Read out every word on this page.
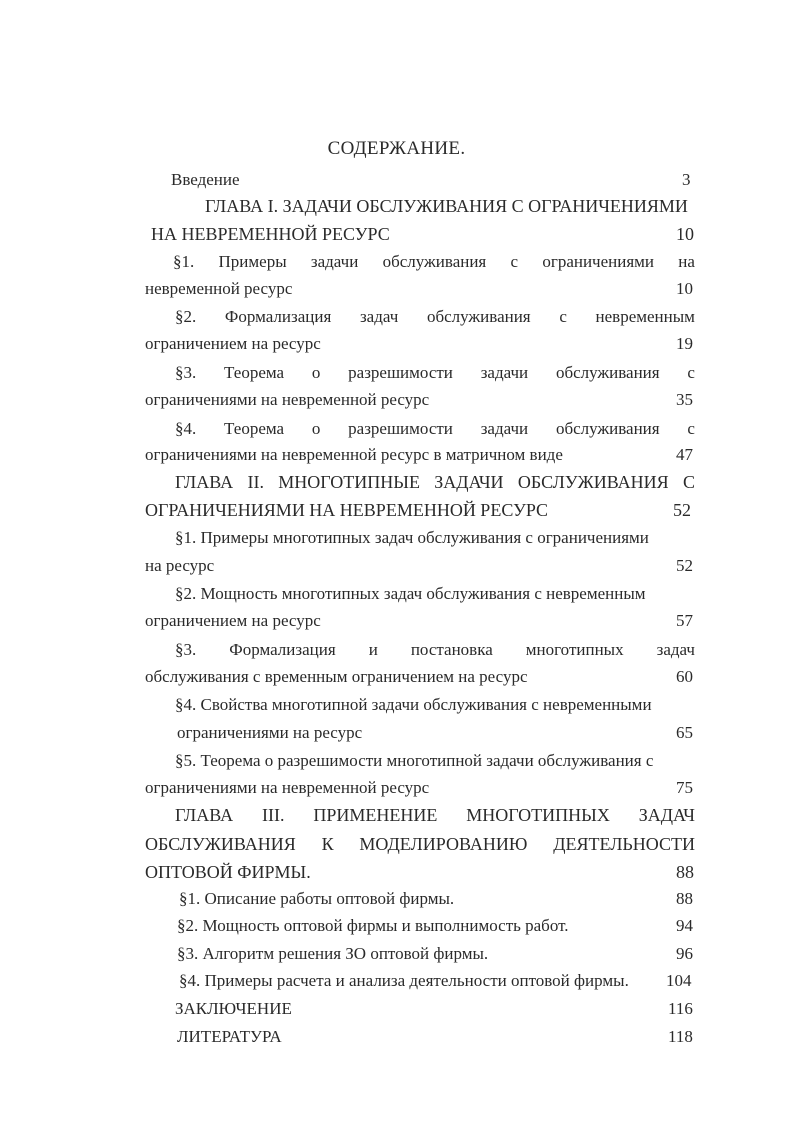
СОДЕРЖАНИЕ.
Введение	3
ГЛАВА I. ЗАДАЧИ ОБСЛУЖИВАНИЯ С ОГРАНИЧЕНИЯМИ
НА НЕВРЕМЕННОЙ РЕСУРС	10
§1. Примеры задачи обслуживания с ограничениями на
невременной ресурс	10
§2. Формализация задач обслуживания с невременным
ограничением на ресурс	19
§3. Теорема о разрешимости задачи обслуживания с
ограничениями на невременной ресурс	35
§4. Теорема о разрешимости задачи обслуживания с
ограничениями на невременной ресурс в матричном виде	47
ГЛАВА II. МНОГОТИПНЫЕ ЗАДАЧИ ОБСЛУЖИВАНИЯ С
ОГРАНИЧЕНИЯМИ НА НЕВРЕМЕННОЙ РЕСУРС	52
§1. Примеры многотипных задач обслуживания с ограничениями
на ресурс	52
§2. Мощность многотипных задач обслуживания с невременным
ограничением на ресурс	57
§3. Формализация и постановка многотипных задач
обслуживания с временным ограничением на ресурс	60
§4. Свойства многотипной задачи обслуживания с невременными
ограничениями на ресурс	65
§5. Теорема о разрешимости многотипной задачи обслуживания с
ограничениями на невременной ресурс	75
ГЛАВА III. ПРИМЕНЕНИЕ МНОГОТИПНЫХ ЗАДАЧ
ОБСЛУЖИВАНИЯ К МОДЕЛИРОВАНИЮ ДЕЯТЕЛЬНОСТИ
ОПТОВОЙ ФИРМЫ.	88
§1. Описание работы оптовой фирмы.	88
§2. Мощность оптовой фирмы и выполнимость работ.	94
§3. Алгоритм решения ЗО оптовой фирмы.	96
§4. Примеры расчета и анализа деятельности оптовой фирмы. 104
ЗАКЛЮЧЕНИЕ	116
ЛИТЕРАТУРА	118
